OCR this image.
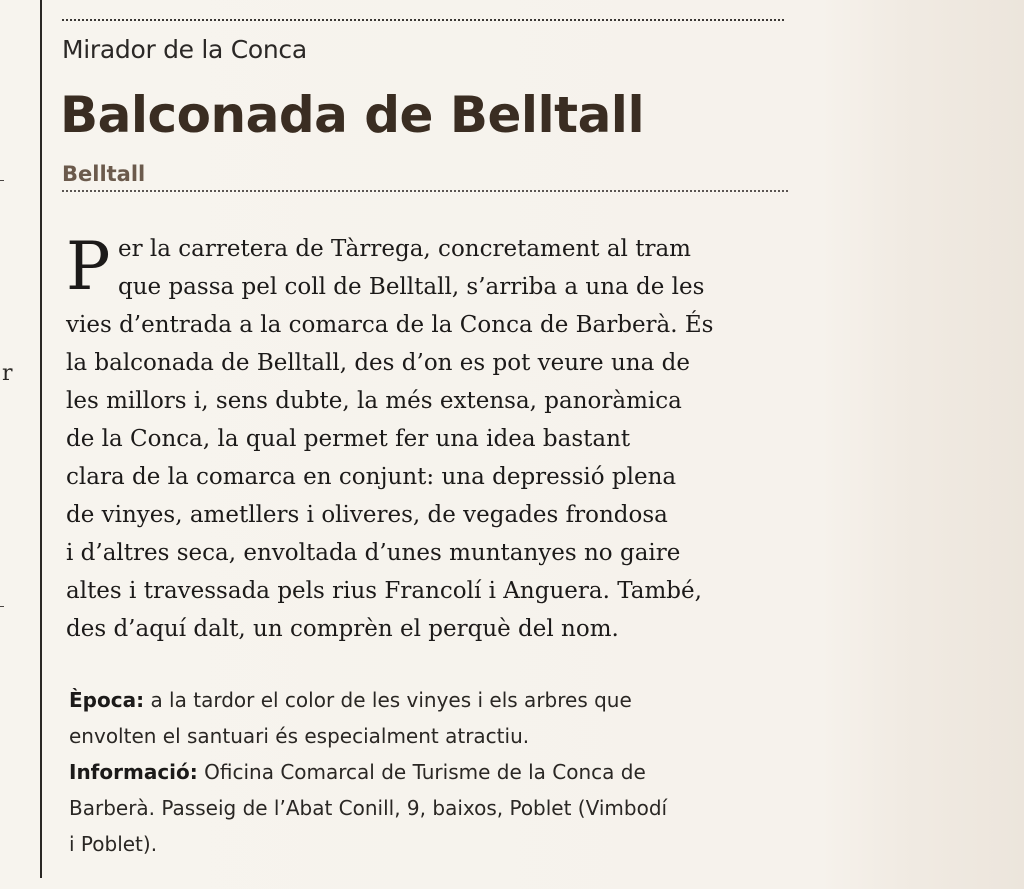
r
Mirador de la Conca
Balconada de Belltall
Belltall
P er la carretera de Tàrrega, concretament al tram
que passa pel coll de Belltall, s’arriba a una de les
vies d’entrada a la comarca de la Conca de Barberà. És
la balconada de Belltall, des d’on es pot veure una de
les millors i, sens dubte, la més extensa, panoràmica
de la Conca, la qual permet fer una idea bastant
clara de la comarca en conjunt: una depressió plena
de vinyes, ametllers i oliveres, de vegades frondosa
i d’altres seca, envoltada d’unes muntanyes no gaire
altes i travessada pels rius Francolí i Anguera. També,
des d’aquí dalt, un comprèn el perquè del nom.
Època: a la tardor el color de les vinyes i els arbres que
envolten el santuari és especialment atractiu.
Informació: Oficina Comarcal de Turisme de la Conca de
Barberà. Passeig de l’Abat Conill, 9, baixos, Poblet (Vimbodí
i Poblet).
